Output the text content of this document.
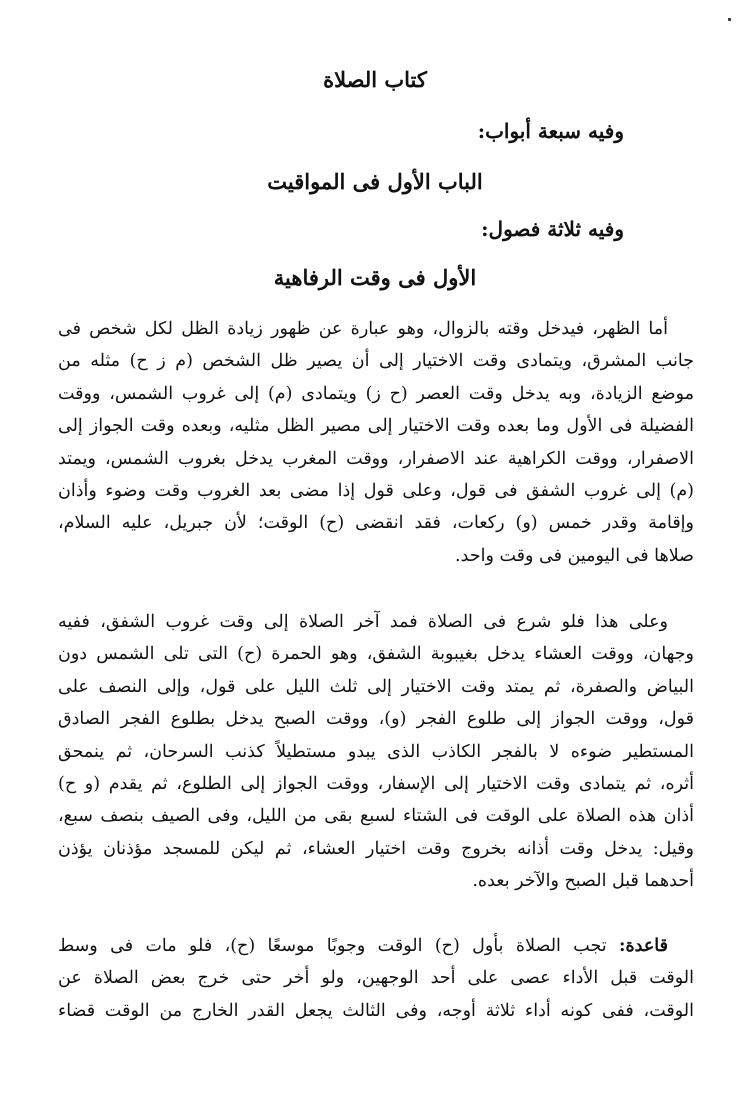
كتاب الصلاة

وفيه سبعة أبواب:

الباب الأول فى المواقيت

وفيه ثلاثة فصول:

الأول فى وقت الرفاهية
أما الظهر، فيدخل وقته بالزوال، وهو عبارة عن ظهور زيادة الظل لكل شخص فى
جانب المشرق، ويتمادى وقت الاختيار إلى أن يصير ظل الشخص (م ز ح) مثله من
موضع الزيادة، وبه يدخل وقت العصر (ح ز) ويتمادى (م) إلى غروب الشمس، ووقت
الفضيلة فى الأول وما بعده وقت الاختيار إلى مصير الظل مثليه، وبعده وقت الجواز إلى
الاصفرار، ووقت الكراهية عند الاصفرار، ووقت المغرب يدخل بغروب الشمس، ويمتد
(م) إلى غروب الشفق فى قول، وعلى قول إذا مضى بعد الغروب وقت وضوء وأذان
وإقامة وقدر خمس (و) ركعات، فقد انقضى (ح) الوقت؛ لأن جبريل، عليه السلام،
صلاها فى اليومين فى وقت واحد.
وعلى هذا فلو شرع فى الصلاة فمد آخر الصلاة إلى وقت غروب الشفق، ففيه
وجهان، ووقت العشاء يدخل بغيبوبة الشفق، وهو الحمرة (ح) التى تلى الشمس دون
البياض والصفرة، ثم يمتد وقت الاختيار إلى ثلث الليل على قول، وإلى النصف على
قول، ووقت الجواز إلى طلوع الفجر (و)، ووقت الصبح يدخل بطلوع الفجر الصادق
المستطير ضوءه لا بالفجر الكاذب الذى يبدو مستطيلاً كذنب السرحان، ثم ينمحق
أثره، ثم يتمادى وقت الاختيار إلى الإسفار، ووقت الجواز إلى الطلوع، ثم يقدم (و ح)
أذان هذه الصلاة على الوقت فى الشتاء لسبع بقى من الليل، وفى الصيف بنصف سبع،
وقيل: يدخل وقت أذانه بخروج وقت اختيار العشاء، ثم ليكن للمسجد مؤذنان يؤذن
أحدهما قبل الصبح والآخر بعده.
قاعدة: تجب الصلاة بأول (ح) الوقت وجوبًا موسعًا (ح)، فلو مات فى وسط
الوقت قبل الأداء عصى على أحد الوجهين، ولو أخر حتى خرج بعض الصلاة عن
الوقت، ففى كونه أداء ثلاثة أوجه، وفى الثالث يجعل القدر الخارج من الوقت قضاء
